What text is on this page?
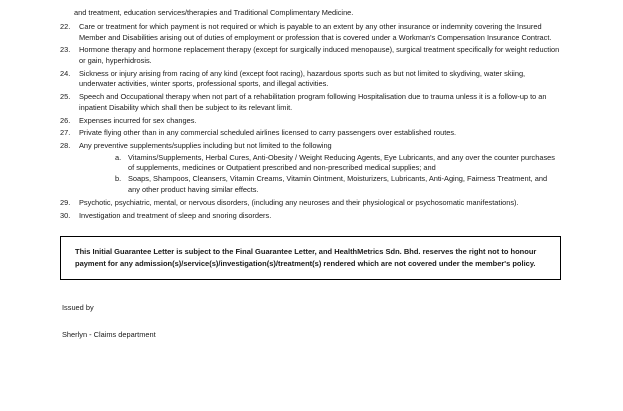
and treatment, education services/therapies and Traditional Complimentary Medicine.

22.	Care or treatment for which payment is not required or which is payable to an extent by any other insurance or indemnity covering the Insured Member and Disabilities arising out of duties of employment or profession that is covered under a Workman's Compensation Insurance Contract.
23.	Hormone therapy and hormone replacement therapy (except for surgically induced menopause), surgical treatment specifically for weight reduction or gain, hyperhidrosis.
24.	Sickness or injury arising from racing of any kind (except foot racing), hazardous sports such as but not limited to skydiving, water skiing, underwater activities, winter sports, professional sports, and illegal activities.
25.	Speech and Occupational therapy when not part of a rehabilitation program following Hospitalisation due to trauma unless it is a follow-up to an inpatient Disability which shall then be subject to its relevant limit.
26.	Expenses incurred for sex changes.
27.	Private flying other than in any commercial scheduled airlines licensed to carry passengers over established routes.
28.	Any preventive supplements/supplies including but not limited to the following
a. Vitamins/Supplements, Herbal Cures, Anti-Obesity / Weight Reducing Agents, Eye Lubricants, and any over the counter purchases of supplements, medicines or Outpatient prescribed and non-prescribed medical supplies; and
b. Soaps, Shampoos, Cleansers, Vitamin Creams, Vitamin Ointment, Moisturizers, Lubricants, Anti-Aging, Fairness Treatment, and any other product having similar effects.
29.	Psychotic, psychiatric, mental, or nervous disorders, (including any neuroses and their physiological or psychosomatic manifestations).
30.	Investigation and treatment of sleep and snoring disorders.
This Initial Guarantee Letter is subject to the Final Guarantee Letter, and HealthMetrics Sdn. Bhd. reserves the right not to honour payment for any admission(s)/service(s)/investigation(s)/treatment(s) rendered which are not covered under the member's policy.
Issued by
Sherlyn - Claims department
